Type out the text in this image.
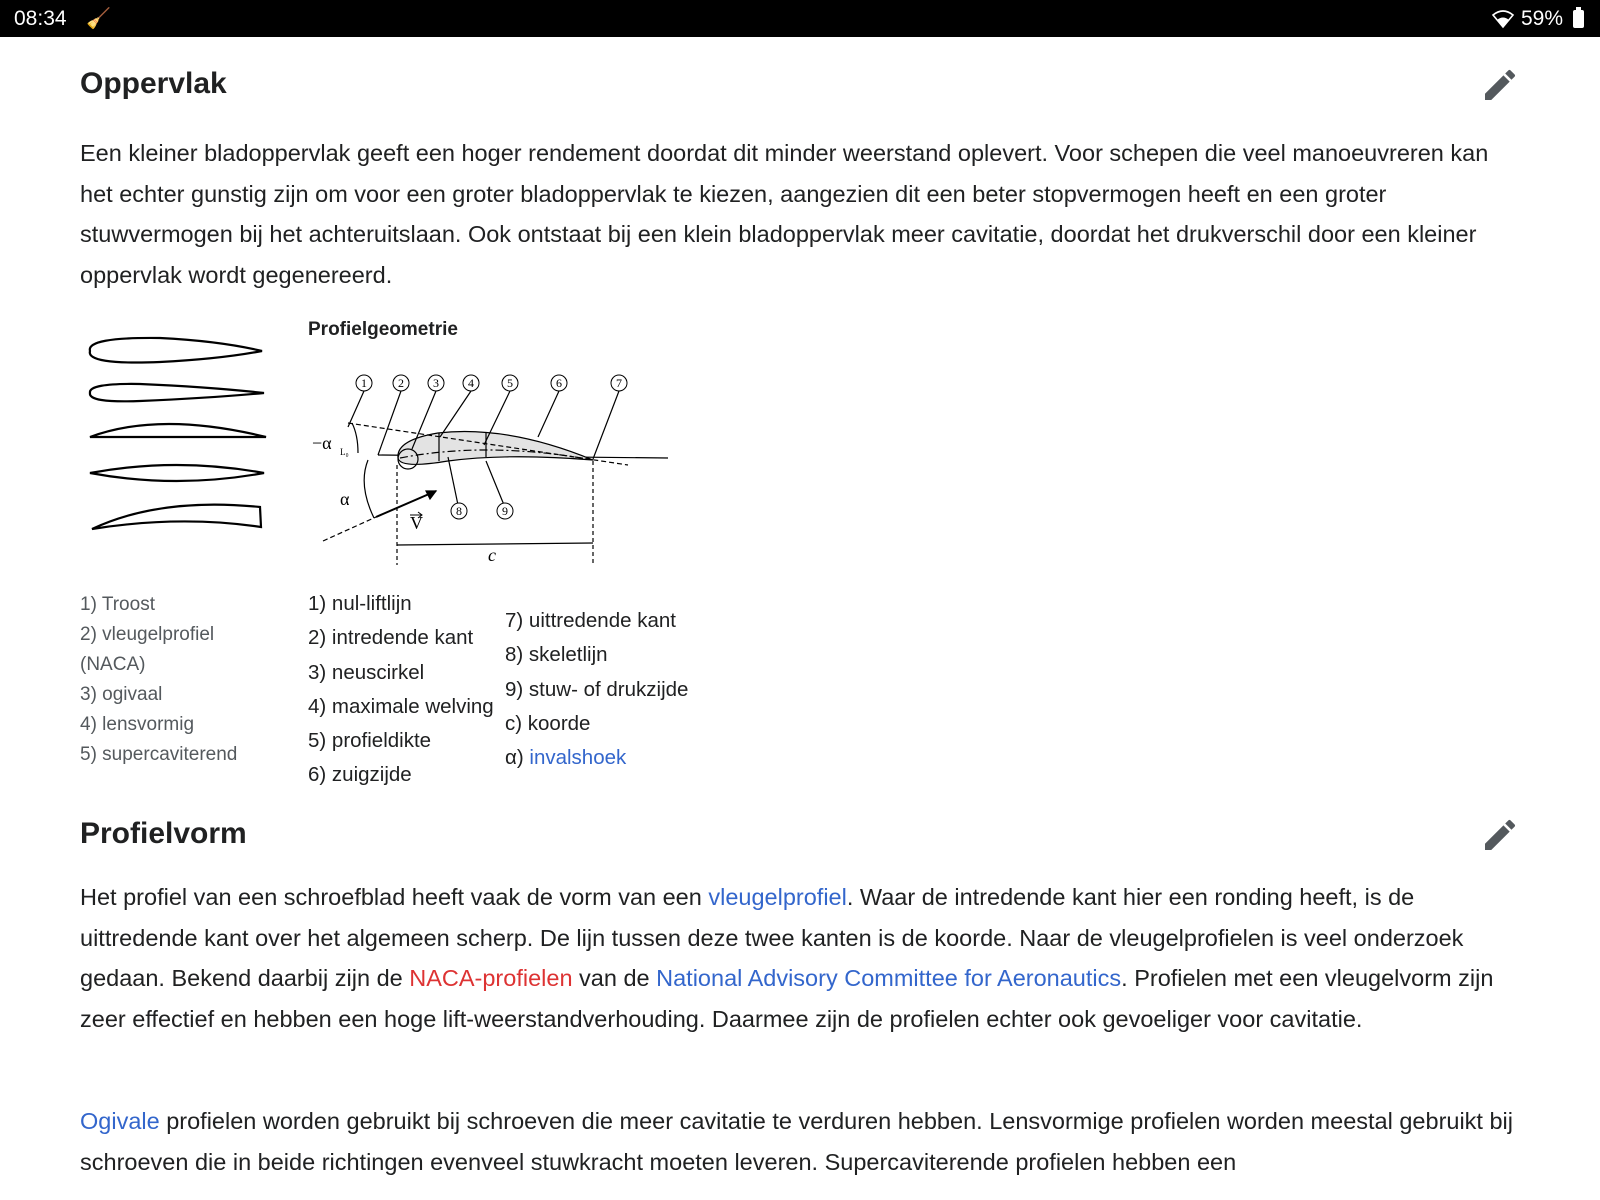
08:34 🧹	59%
Oppervlak

Een kleiner bladoppervlak geeft een hoger rendement doordat dit minder weerstand oplevert. Voor schepen die veel manoeuvreren kan het echter gunstig zijn om voor een groter bladoppervlak te kiezen, aangezien dit een beter stopvermogen heeft en een groter stuwvermogen bij het achteruitslaan. Ook ontstaat bij een klein bladoppervlak meer cavitatie, doordat het drukverschil door een kleiner oppervlak wordt gegenereerd.

1) Troost
2) vleugelprofiel
(NACA)
3) ogivaal
4) lensvormig
5) supercaviterend
Profielgeometrie
1	2 3 4	5	6	7
8	9
−α L₀
α
V
c
1) nul-liftlijn
2) intredende kant
3) neuscirkel
4) maximale welving
5) profieldikte
6) zuigzijde
7) uittredende kant
8) skeletlijn
9) stuw- of drukzijde
c) koorde
α) invalshoek
Profielvorm

Het profiel van een schroefblad heeft vaak de vorm van een vleugelprofiel. Waar de intredende kant hier een ronding heeft, is de uittredende kant over het algemeen scherp. De lijn tussen deze twee kanten is de koorde. Naar de vleugelprofielen is veel onderzoek gedaan. Bekend daarbij zijn de NACA-profielen van de National Advisory Committee for Aeronautics. Profielen met een vleugelvorm zijn zeer effectief en hebben een hoge lift-weerstandverhouding. Daarmee zijn de profielen echter ook gevoeliger voor cavitatie.

Ogivale profielen worden gebruikt bij schroeven die meer cavitatie te verduren hebben. Lensvormige profielen worden meestal gebruikt bij schroeven die in beide richtingen evenveel stuwkracht moeten leveren. Supercaviterende profielen hebben een
